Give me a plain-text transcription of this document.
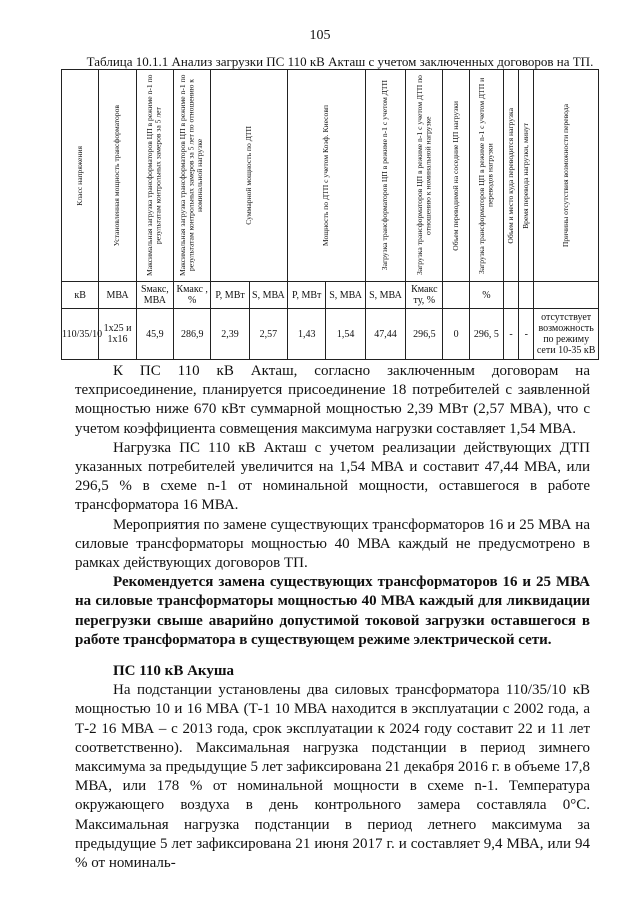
105
Таблица 10.1.1 Анализ загрузки ПС 110 кВ Акташ с учетом заключенных договоров на ТП.
Класс напряжения	Установленная мощность трансформаторов	Максимальная загрузка трансформаторов ЦП в режиме n-1 по результатам контрольных замеров за 5 лет	Максимальная загрузка трансформаторов ЦП в режиме n-1 по результатам контрольных замеров за 5 лет по отношению к номинальной нагрузке	Суммарной мощность по ДТП		Мощность по ДТП с учетом Коэф. Киесовп		Загрузка трансформаторов ЦП в режиме n-1 с учетом ДТП	Загрузка трансформаторов ЦП в режиме n-1 с учетом ДТП по отношению к номинальной нагрузке	Объем переводимой на соседние ЦП нагрузки	Загрузка трансформаторов ЦП в режиме n-1 с учетом ДТП и переводов нагрузки	Объем и место куда переводится нагрузка	Время перевода нагрузки, минут	Причины отсутствия возможности перевода

кВ	МВА	Sмакс, МВА	Кмакс , %	P, МВт	S, МВА	P, МВт	S, МВА	S, МВА	Кмакс ту, %		%			
110/35/10	1х25 и 1х16	45,9	286,9	2,39	2,57	1,43	1,54	47,44	296,5	0	296, 5	-	-	отсутствует возможность по режиму сети 10-35 кВ

К ПС 110 кВ Акташ, согласно заключенным договорам на техприсоединение, планируется присоединение 18 потребителей с заявленной мощностью ниже 670 кВт суммарной мощностью 2,39 МВт (2,57 МВА), что с учетом коэффициента совмещения максимума нагрузки составляет 1,54 МВА.

Нагрузка ПС 110 кВ Акташ с учетом реализации действующих ДТП указанных потребителей увеличится на 1,54 МВА и составит 47,44 МВА, или 296,5 % в схеме n-1 от номинальной мощности, оставшегося в работе трансформатора 16 МВА.

Мероприятия по замене существующих трансформаторов 16 и 25 МВА на силовые трансформаторы мощностью 40 МВА каждый не предусмотрено в рамках действующих договоров ТП.

Рекомендуется замена существующих трансформаторов 16 и 25 МВА на силовые трансформаторы мощностью 40 МВА каждый для ликвидации перегрузки свыше аварийно допустимой токовой загрузки оставшегося в работе трансформатора в существующем режиме электрической сети.

ПС 110 кВ Акуша

На подстанции установлены два силовых трансформатора 110/35/10 кВ мощностью 10 и 16 МВА (Т-1 10 МВА находится в эксплуатации с 2002 года, а Т-2 16 МВА – с 2013 года, срок эксплуатации к 2024 году составит 22 и 11 лет соответственно). Максимальная нагрузка подстанции в период зимнего максимума за предыдущие 5 лет зафиксирована 21 декабря 2016 г. в объеме 17,8 МВА, или 178 % от номинальной мощности в схеме n-1. Температура окружающего воздуха в день контрольного замера составляла 0°С. Максимальная нагрузка подстанции в период летнего максимума за предыдущие 5 лет зафиксирована 21 июня 2017 г. и составляет 9,4 МВА, или 94 % от номиналь-
